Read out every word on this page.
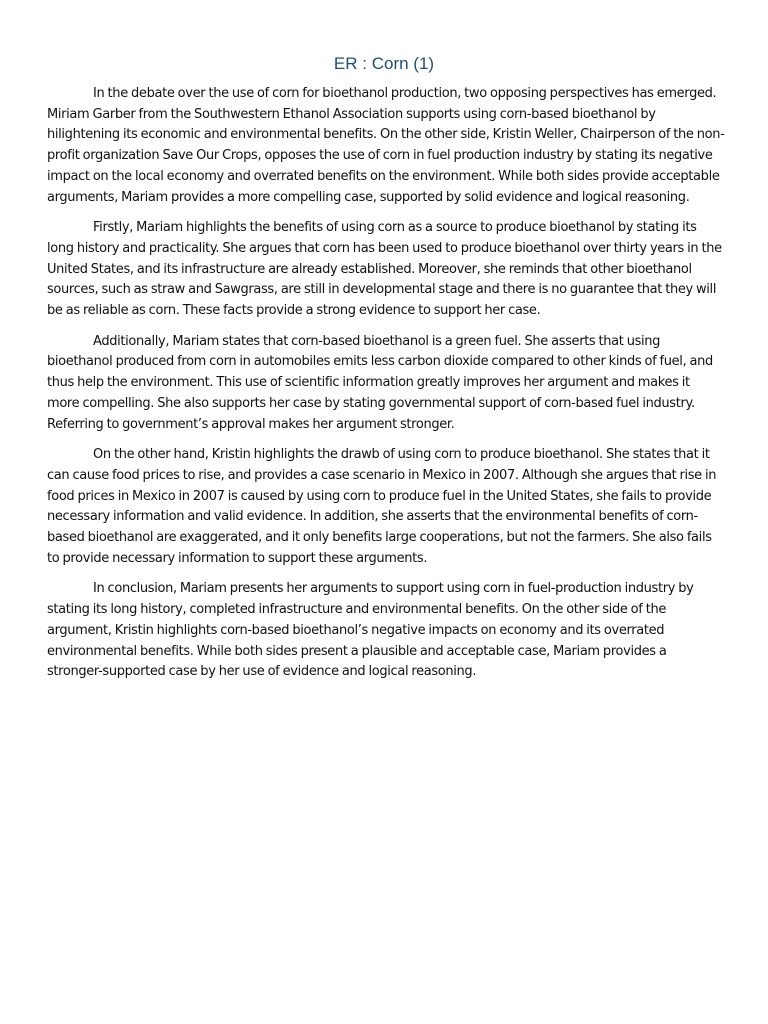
ER : Corn (1)

In the debate over the use of corn for bioethanol production, two opposing perspectives has emerged. Miriam Garber from the Southwestern Ethanol Association supports using corn-based bioethanol by hilightening its economic and environmental benefits. On the other side, Kristin Weller, Chairperson of the non-profit organization Save Our Crops, opposes the use of corn in fuel production industry by stating its negative impact on the local economy and overrated benefits on the environment. While both sides provide acceptable arguments, Mariam provides a more compelling case, supported by solid evidence and logical reasoning.

Firstly, Mariam highlights the benefits of using corn as a source to produce bioethanol by stating its long history and practicality. She argues that corn has been used to produce bioethanol over thirty years in the United States, and its infrastructure are already established. Moreover, she reminds that other bioethanol sources, such as straw and Sawgrass, are still in developmental stage and there is no guarantee that they will be as reliable as corn. These facts provide a strong evidence to support her case.

Additionally, Mariam states that corn-based bioethanol is a green fuel. She asserts that using bioethanol produced from corn in automobiles emits less carbon dioxide compared to other kinds of fuel, and thus help the environment. This use of scientific information greatly improves her argument and makes it more compelling. She also supports her case by stating governmental support of corn-based fuel industry. Referring to government’s approval makes her argument stronger.

On the other hand, Kristin highlights the drawb of using corn to produce bioethanol. She states that it can cause food prices to rise, and provides a case scenario in Mexico in 2007. Although she argues that rise in food prices in Mexico in 2007 is caused by using corn to produce fuel in the United States, she fails to provide necessary information and valid evidence. In addition, she asserts that the environmental benefits of corn-based bioethanol are exaggerated, and it only benefits large cooperations, but not the farmers. She also fails to provide necessary information to support these arguments.

In conclusion, Mariam presents her arguments to support using corn in fuel-production industry by stating its long history, completed infrastructure and environmental benefits. On the other side of the argument, Kristin highlights corn-based bioethanol’s negative impacts on economy and its overrated environmental benefits. While both sides present a plausible and acceptable case, Mariam provides a stronger-supported case by her use of evidence and logical reasoning.
